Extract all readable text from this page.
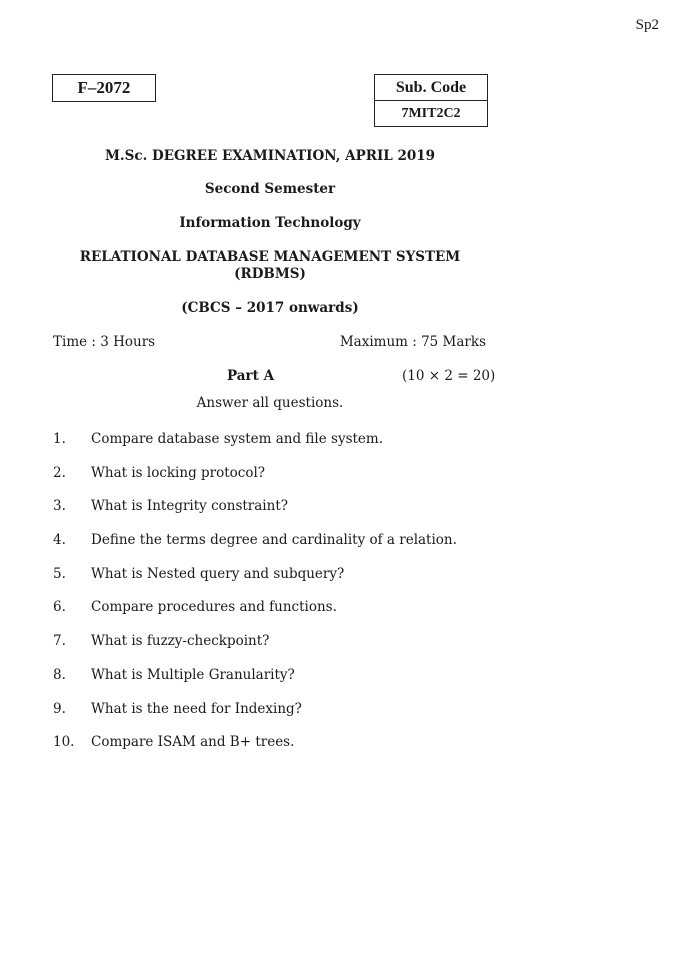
Sp2
F–2072	Sub. Code
7MIT2C2
M.Sc. DEGREE EXAMINATION, APRIL 2019
Second Semester
Information Technology
RELATIONAL DATABASE MANAGEMENT SYSTEM
(RDBMS)
(CBCS – 2017 onwards)
Time : 3 Hours	Maximum : 75 Marks
Part A	(10 × 2 = 20)
Answer all questions.
1.	Compare database system and file system.
2.	What is locking protocol?
3.	What is Integrity constraint?
4.	Define the terms degree and cardinality of a relation.
5.	What is Nested query and subquery?
6.	Compare procedures and functions.
7.	What is fuzzy-checkpoint?
8.	What is Multiple Granularity?
9.	What is the need for Indexing?
10.	Compare ISAM and B+ trees.
